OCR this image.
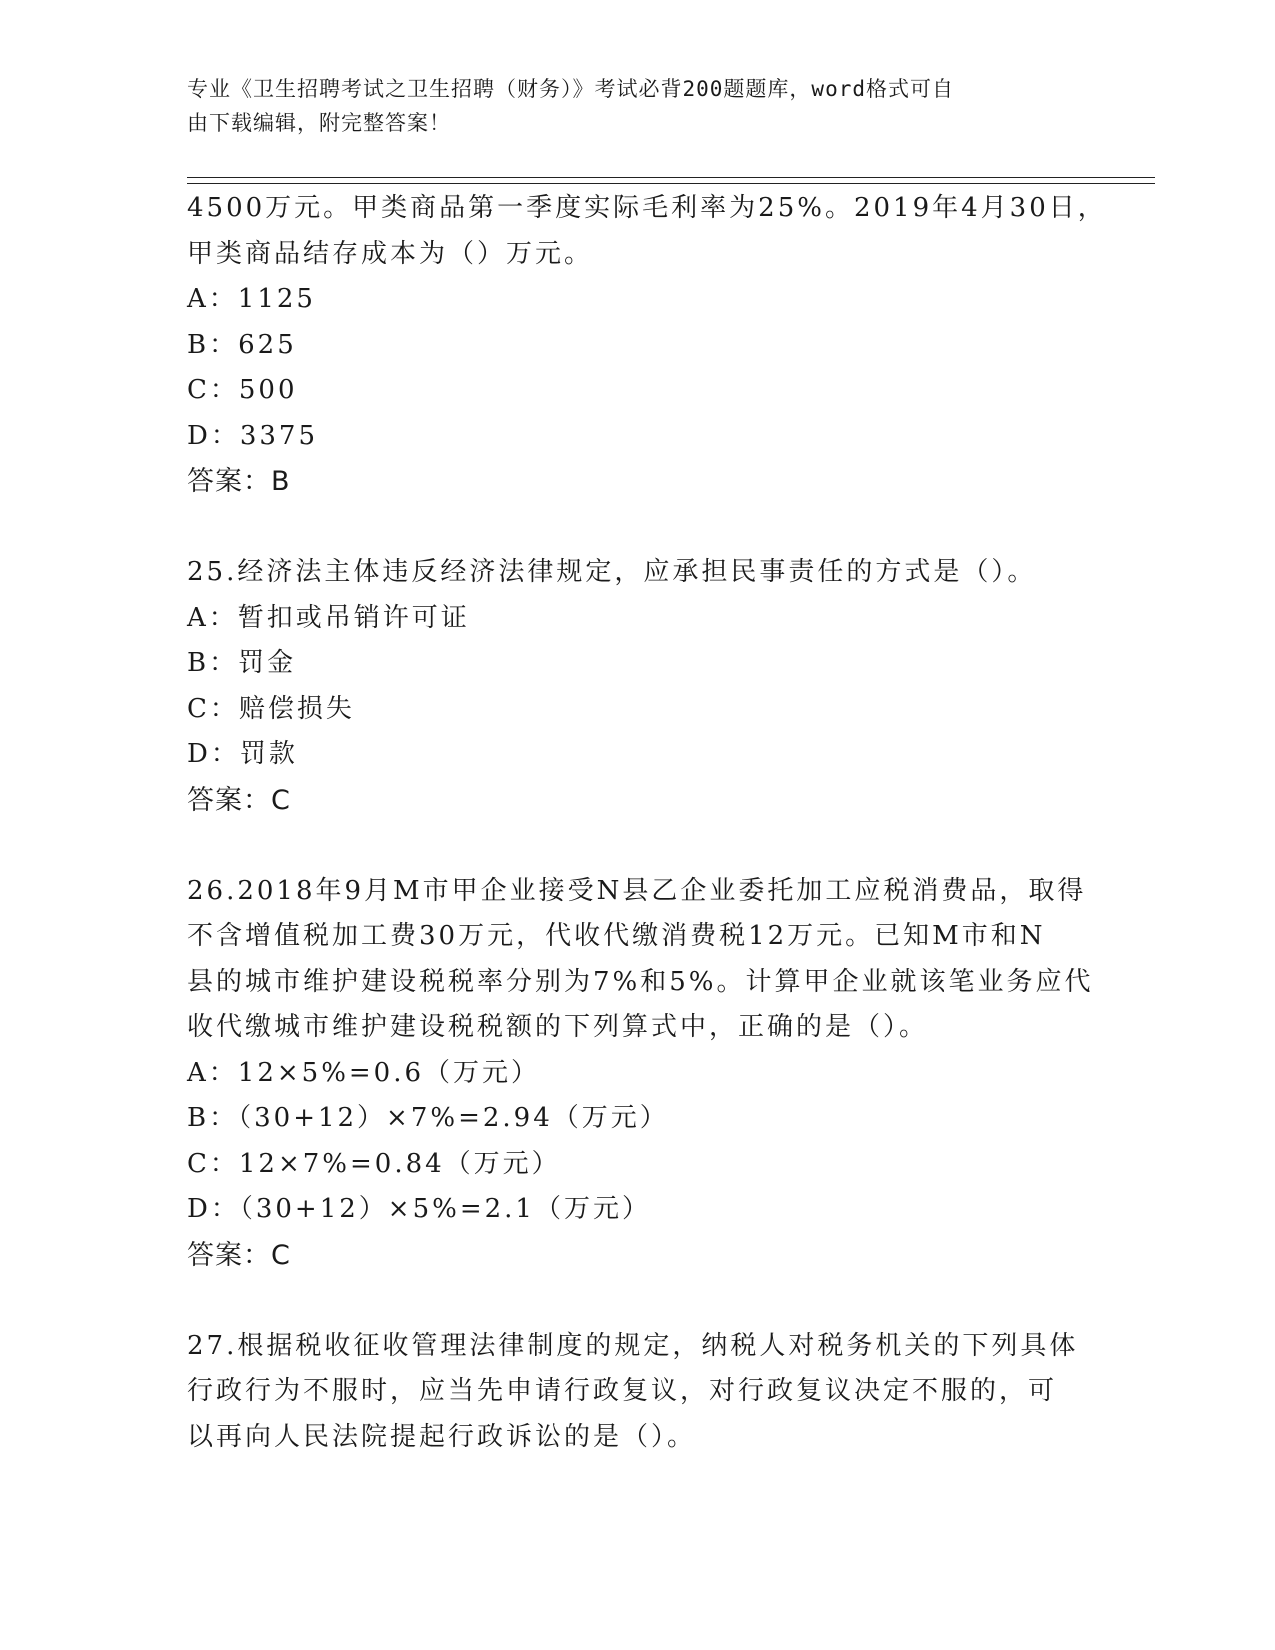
专业《卫生招聘考试之卫生招聘（财务）》考试必背200题题库，word格式可自
由下载编辑，附完整答案！
4500万元。甲类商品第一季度实际毛利率为25%。2019年4月30日，
甲类商品结存成本为（）万元。
A：1125
B：625
C：500
D：3375
答案：B
25.经济法主体违反经济法律规定，应承担民事责任的方式是（）。
A：暂扣或吊销许可证
B：罚金
C：赔偿损失
D：罚款
答案：C
26.2018年9月M市甲企业接受N县乙企业委托加工应税消费品，取得
不含增值税加工费30万元，代收代缴消费税12万元。已知M市和N
县的城市维护建设税税率分别为7%和5%。计算甲企业就该笔业务应代
收代缴城市维护建设税税额的下列算式中，正确的是（）。
A：12×5%=0.6（万元）
B：（30+12）×7%=2.94（万元）
C：12×7%=0.84（万元）
D：（30+12）×5%=2.1（万元）
答案：C
27.根据税收征收管理法律制度的规定，纳税人对税务机关的下列具体
行政行为不服时，应当先申请行政复议，对行政复议决定不服的，可
以再向人民法院提起行政诉讼的是（）。
